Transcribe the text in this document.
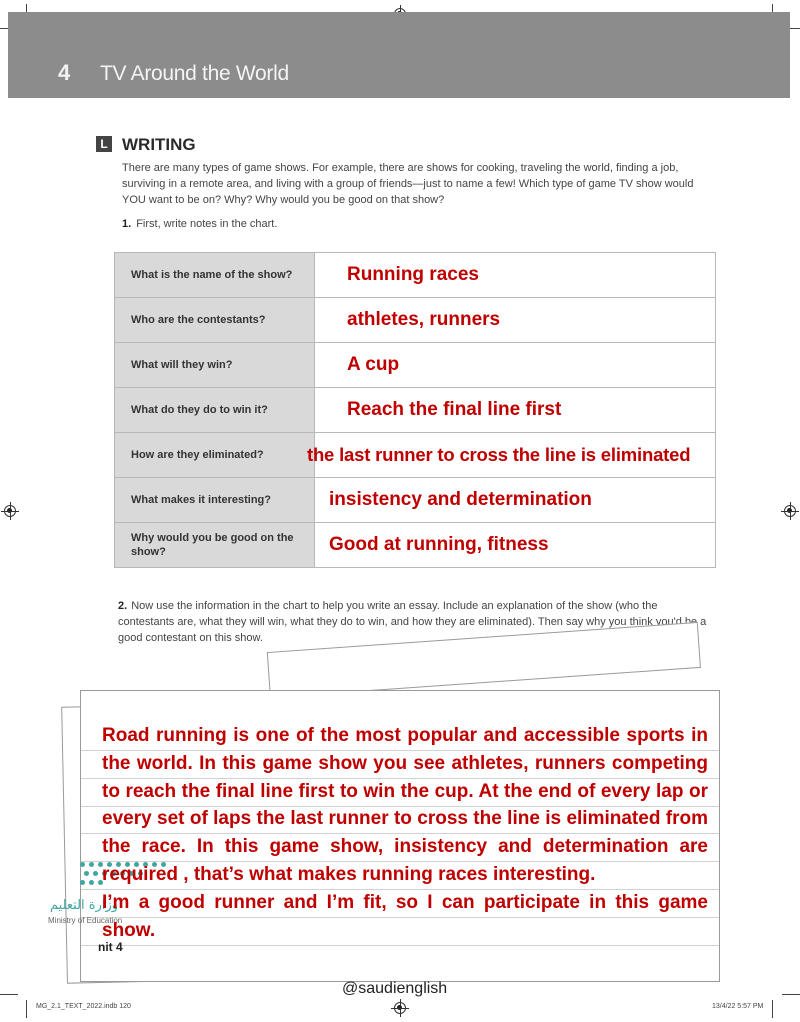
4 TV Around the World
L WRITING
There are many types of game shows. For example, there are shows for cooking, traveling the world, finding a job, surviving in a remote area, and living with a group of friends—just to name a few! Which type of game TV show would YOU want to be on? Why? Why would you be good on that show?
1. First, write notes in the chart.
What is the name of the show?	Running races

Who are the contestants?	athletes, runners

What will they win?	A cup

What do they do to win it?	Reach the final line first

How are they eliminated?	the last runner to cross the line is eliminated

What makes it interesting?	insistency and determination

Why would you be good on the show?	Good at running, fitness
2. Now use the information in the chart to help you write an essay. Include an explanation of the show (who the contestants are, what they will win, what they do to win, and how they are eliminated). Then say why you think you'd be a good contestant on this show.
وزارة التعليم
Ministry of Education

Road running is one of the most popular and accessible sports in the world. In this game show you see athletes, runners competing to reach the final line first to win the cup. At the end of every lap or every set of laps the last runner to cross the line is eliminated from the race. In this game show, insistency and determination are required , that’s what makes running races interesting.

I’m a good runner and I’m fit, so I can participate in this game show.

nit 4
@saudienglish
MG_2.1_TEXT_2022.indb 120	13/4/22 5:57 PM
